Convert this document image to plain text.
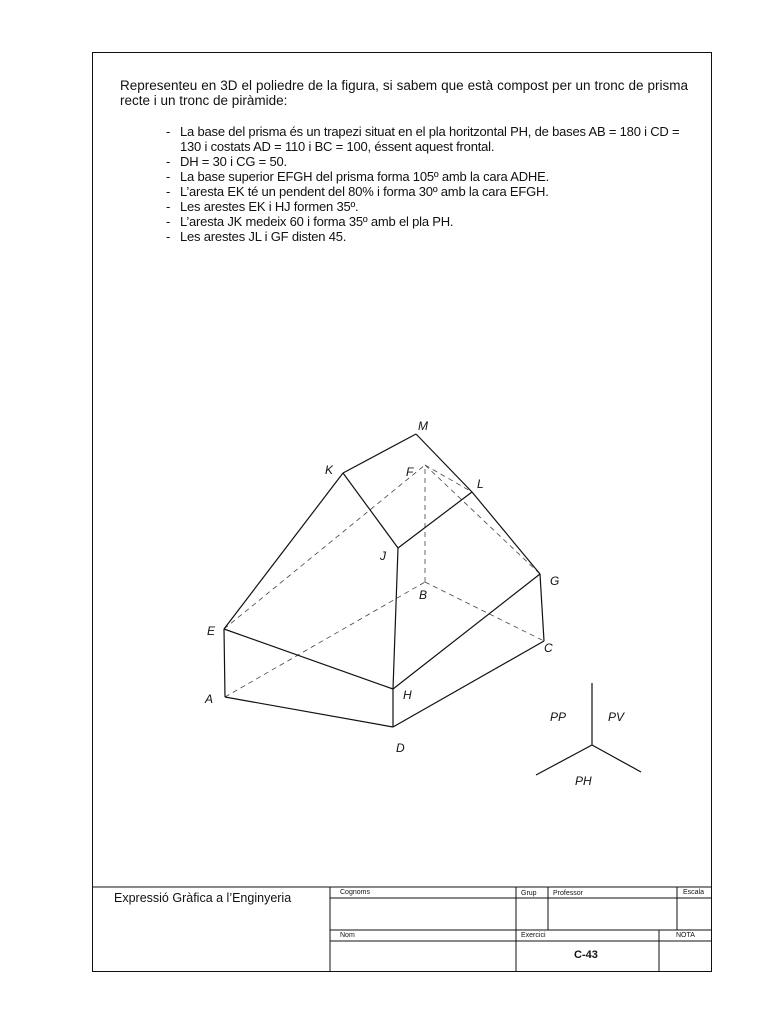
Representeu en 3D el poliedre de la figura, si sabem que està compost per un tronc de prisma recte i un tronc de piràmide:

- La base del prisma és un trapezi situat en el pla horitzontal PH, de bases AB = 180 i CD = 130 i costats AD = 110 i BC = 100, éssent aquest frontal.
- DH = 30 i CG = 50.
- La base superior EFGH del prisma forma 105º amb la cara ADHE.
- L’aresta EK té un pendent del 80% i forma 30º amb la cara EFGH.
- Les arestes EK i HJ formen 35º.
- L’aresta JK medeix 60 i forma 35º amb el pla PH.
- Les arestes JL i GF disten 45.
M
K	F
L
J
G
B
E
C
A	H
D
PP	PV
PH
Expressió Gràfica a l’Enginyeria	Cognoms	Grup Professor	Escala
Nom	Exercici	NOTA
C-43
